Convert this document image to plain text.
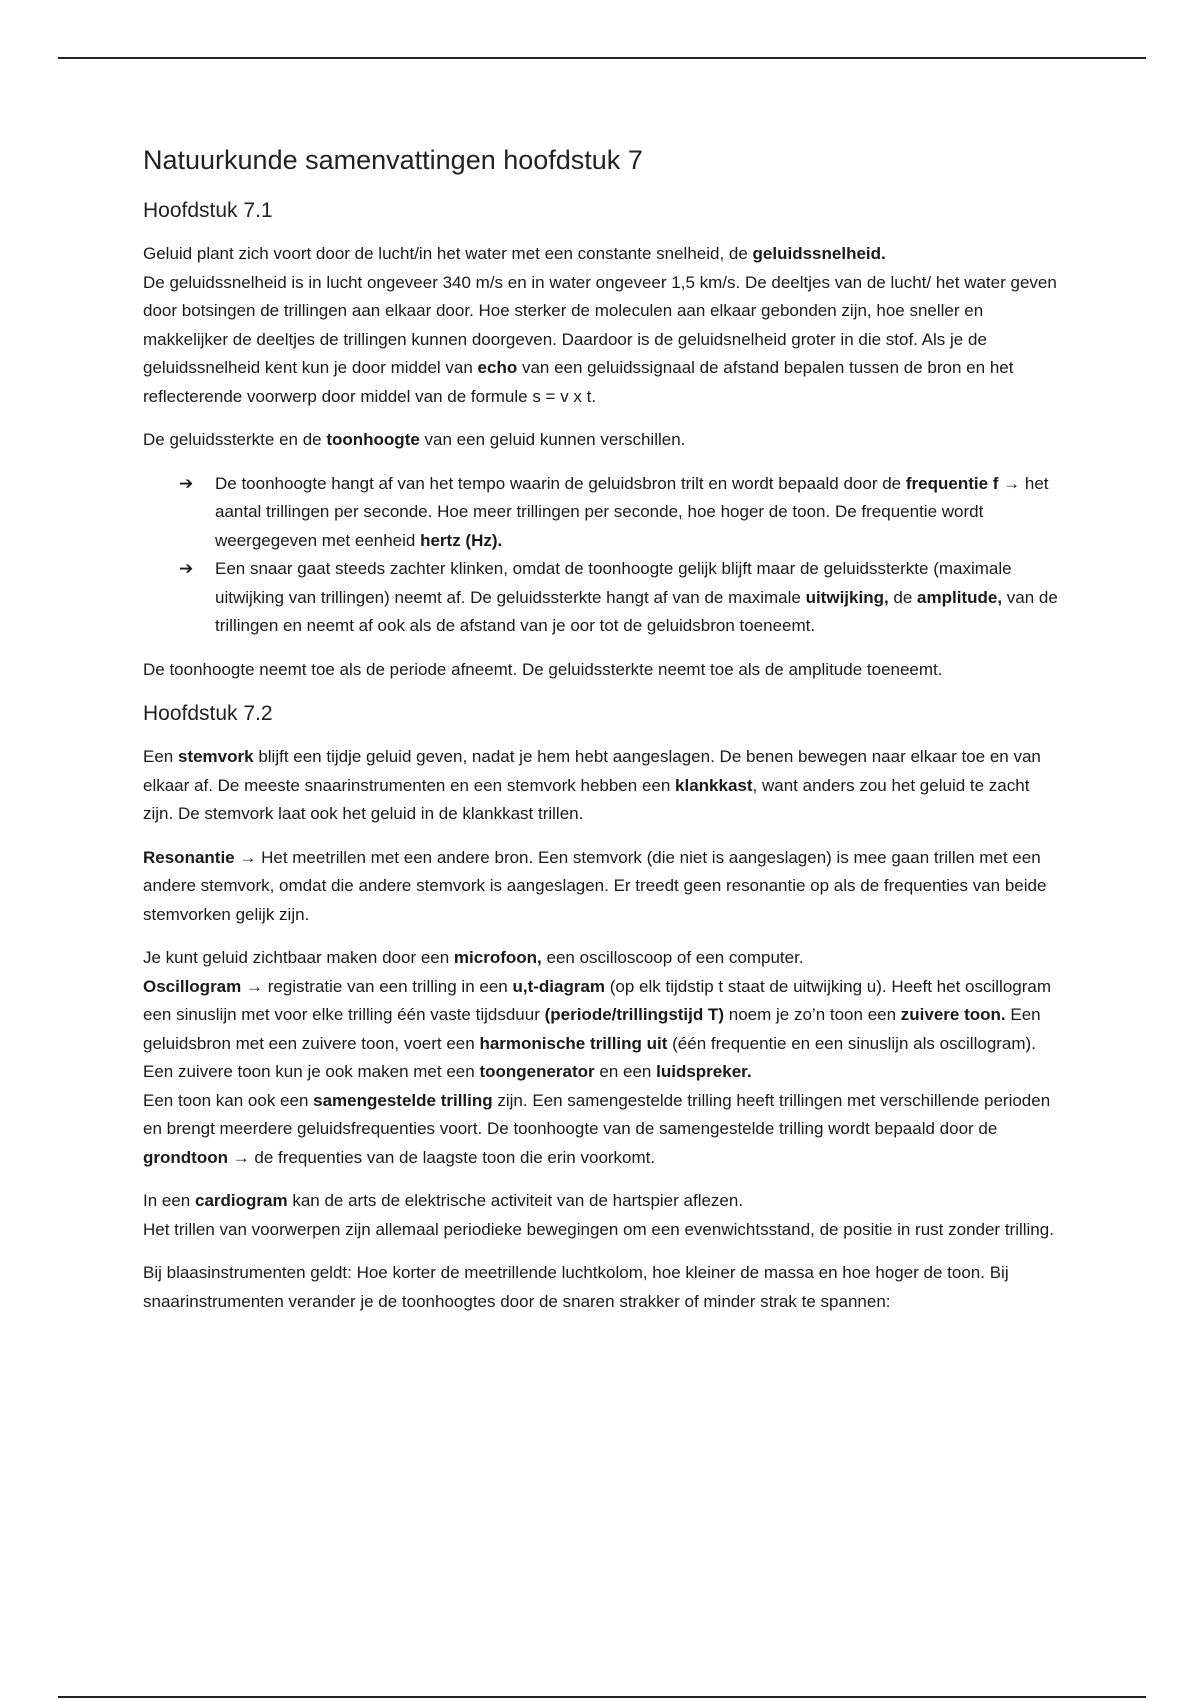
Natuurkunde samenvattingen hoofdstuk 7
Hoofdstuk 7.1

Geluid plant zich voort door de lucht/in het water met een constante snelheid, de geluidssnelheid.
De geluidssnelheid is in lucht ongeveer 340 m/s en in water ongeveer 1,5 km/s. De deeltjes van de lucht/ het water geven door botsingen de trillingen aan elkaar door. Hoe sterker de moleculen aan elkaar gebonden zijn, hoe sneller en makkelijker de deeltjes de trillingen kunnen doorgeven. Daardoor is de geluidsnelheid groter in die stof. Als je de geluidssnelheid kent kun je door middel van echo van een geluidssignaal de afstand bepalen tussen de bron en het reflecterende voorwerp door middel van de formule s = v x t.

De geluidssterkte en de toonhoogte van een geluid kunnen verschillen.

➔ De toonhoogte hangt af van het tempo waarin de geluidsbron trilt en wordt bepaald door de frequentie f → het aantal trillingen per seconde. Hoe meer trillingen per seconde, hoe hoger de toon. De frequentie wordt weergegeven met eenheid hertz (Hz).
➔ Een snaar gaat steeds zachter klinken, omdat de toonhoogte gelijk blijft maar de geluidssterkte (maximale uitwijking van trillingen) neemt af. De geluidssterkte hangt af van de maximale uitwijking, de amplitude, van de trillingen en neemt af ook als de afstand van je oor tot de geluidsbron toeneemt.

De toonhoogte neemt toe als de periode afneemt. De geluidssterkte neemt toe als de amplitude toeneemt.

Hoofdstuk 7.2

Een stemvork blijft een tijdje geluid geven, nadat je hem hebt aangeslagen. De benen bewegen naar elkaar toe en van elkaar af. De meeste snaarinstrumenten en een stemvork hebben een klankkast, want anders zou het geluid te zacht zijn. De stemvork laat ook het geluid in de klankkast trillen.

Resonantie → Het meetrillen met een andere bron. Een stemvork (die niet is aangeslagen) is mee gaan trillen met een andere stemvork, omdat die andere stemvork is aangeslagen. Er treedt geen resonantie op als de frequenties van beide stemvorken gelijk zijn.

Je kunt geluid zichtbaar maken door een microfoon, een oscilloscoop of een computer.
Oscillogram → registratie van een trilling in een u,t-diagram (op elk tijdstip t staat de uitwijking u). Heeft het oscillogram een sinuslijn met voor elke trilling één vaste tijdsduur (periode/trillingstijd T) noem je zo’n toon een zuivere toon. Een geluidsbron met een zuivere toon, voert een harmonische trilling uit (één frequentie en een sinuslijn als oscillogram). Een zuivere toon kun je ook maken met een toongenerator en een luidspreker.
Een toon kan ook een samengestelde trilling zijn. Een samengestelde trilling heeft trillingen met verschillende perioden en brengt meerdere geluidsfrequenties voort. De toonhoogte van de samengestelde trilling wordt bepaald door de grondtoon → de frequenties van de laagste toon die erin voorkomt.

In een cardiogram kan de arts de elektrische activiteit van de hartspier aflezen.
Het trillen van voorwerpen zijn allemaal periodieke bewegingen om een evenwichtsstand, de positie in rust zonder trilling.

Bij blaasinstrumenten geldt: Hoe korter de meetrillende luchtkolom, hoe kleiner de massa en hoe hoger de toon. Bij snaarinstrumenten verander je de toonhoogtes door de snaren strakker of minder strak te spannen:
